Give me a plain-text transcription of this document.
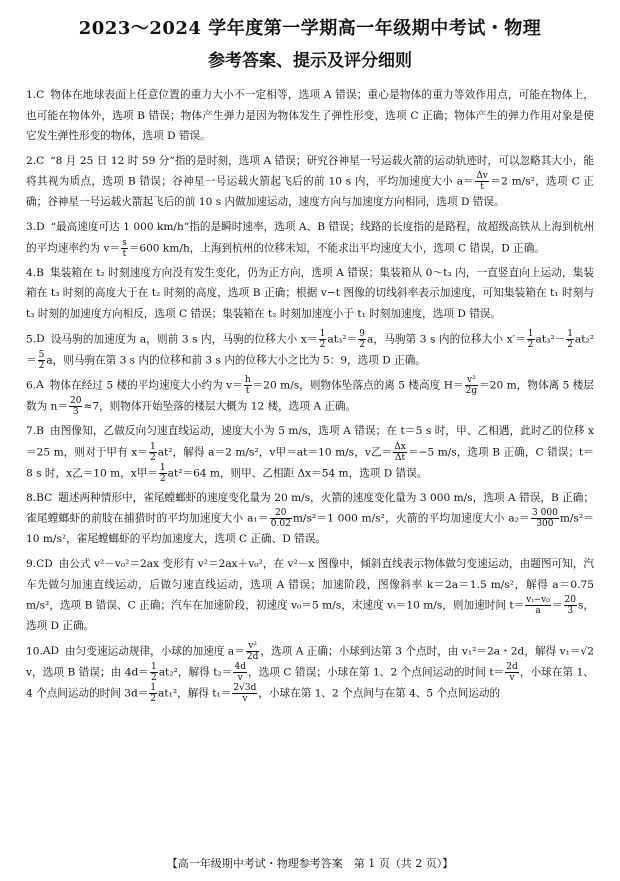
2023～2024 学年度第一学期高一年级期中考试・物理
参考答案、提示及评分细则

1.C 物体在地球表面上任意位置的重力大小不一定相等，选项 A 错误；重心是物体的重力等效作用点，可能在物体上，也可能在物体外，选项 B 错误；物体产生弹力是因为物体发生了弹性形变，选项 C 正确；物体产生的弹力作用对象是使它发生弹性形变的物体，选项 D 错误。

2.C “8 月 25 日 12 时 59 分”指的是时刻，选项 A 错误；研究谷神星一号运载火箭的运动轨迹时，可以忽略其大小，能将其视为质点，选项 B 错误；谷神星一号运载火箭起飞后的前 10 s 内，平均加速度大小 $a= \frac{\Delta v}{t} =2$ m/s²，选项 C 正确；谷神星一号运载火箭起飞后的前 10 s 内做加速运动，速度方向与加速度方向相同，选项 D 错误。

3.D “最高速度可达 1 000 km/h”指的是瞬时速率，选项 A、B 错误；线路的长度指的是路程，故超级高铁从上海到杭州的平均速率约为 $v= \frac{s}{t} =600$ km/h，上海到杭州的位移未知，不能求出平均速度大小，选项 C 错误，D 正确。

4.B 集装箱在 t₂ 时刻速度方向没有发生变化，仍为正方向，选项 A 错误；集装箱从 0～t₃ 内，一直竖直向上运动，集装箱在 t₃ 时刻的高度大于在 t₂ 时刻的高度，选项 B 正确；根据 v−t 图像的切线斜率表示加速度，可知集装箱在 t₁ 时刻与 t₃ 时刻的加速度方向相反，选项 C 错误；集装箱在 t₂ 时刻加速度小于 t₁ 时刻加速度，选项 D 错误。

5.D 设马驹的加速度为 a，则前 3 s 内，马驹的位移大小 $x= \frac{1}{2} at_3^2= \frac{9}{2}$ a，马驹第 3 s 内的位移大小 $x'= \frac{1}{2} at_3^2- \frac{1}{2} at_2^2= \frac{5}{2}$ a，则马驹在第 3 s 内的位移和前 3 s 内的位移大小之比为 5：9，选项 D 正确。

6.A 物体在经过 5 楼的平均速度大小约为 $v= \frac{h}{t} =20$ m/s，则物体坠落点的离 5 楼高度 $H= \frac{\text{v²}}{2g} =20$ m，物体离 5 楼层数为 $n= \frac{20}{3} \approx 7$，则物体开始坠落的楼层大概为 12 楼，选项 A 正确。

7.B 由图像知，乙做反向匀速直线运动，速度大小为 5 m/s，选项 A 错误；在 t＝5 s 时，甲、乙相遇，此时乙的位移 x＝25 m，则对于甲有 $x= \frac{1}{2} at^2$，解得 a＝2 m/s²，v甲＝at＝10 m/s，v乙＝ $\frac{\Delta x}{\Delta t} =-5$ m/s，选项 B 正确，C 错误；t＝8 s 时，x乙＝10 m，x甲＝ $\frac{1}{2} at^2=64$ m，则甲、乙相距 Δx＝54 m，选项 D 错误。

8.BC 题述两种情形中，雀尾螳螂虾的速度变化量为 20 m/s，火箭的速度变化量为 3 000 m/s，选项 A 错误，B 正确；雀尾螳螂虾的前肢在捕猎时的平均加速度大小 $a_1= \frac{20}{0.02} m/s^2=1$ 000 m/s²，火箭的平均加速度大小 $a_2= \frac{3 000}{300} m/s^2=10$ m/s²，雀尾螳螂虾的平均加速度大，选项 C 正确、D 错误。

9.CD 由公式 v²－v₀²＝2ax 变形有 v²＝2ax＋v₀²，在 v²－x 图像中，倾斜直线表示物体做匀变速运动，由题图可知，汽车先做匀加速直线运动，后做匀速直线运动，选项 A 错误；加速阶段，图像斜率 k＝2a＝1.5 m/s²，解得 a＝0.75 m/s²，选项 B 错误、C 正确；汽车在加速阶段，初速度 v₀＝5 m/s，末速度 vₜ＝10 m/s，则加速时间 $t= \frac{\text{vₜ−v₀}}{a} = \frac{20}{3}$ s，选项 D 正确。

10.AD 由匀变速运动规律，小球的加速度 $a= \frac{\text{v²}}{2d}$ ，选项 A 正确；小球到达第 3 个点时，由 v₁²＝2a・2d，解得 v₁＝√2 v，选项 B 错误；由 $4d= \frac{1}{2} at_2^2$，解得 $t_2= \frac{4d}{v}$ ，选项 C 错误；小球在第 1、2 个点间运动的时间 $t= \frac{2d}{v}$ ，小球在第 1、4 个点间运动的时间 $3d= \frac{1}{2} at_1^2$，解得 $t_1= \frac{2√3d}{v}$ ，小球在第 1、2 个点间与在第 4、5 个点间运动的

【高一年级期中考试・物理参考答案　第 1 页（共 2 页）】
